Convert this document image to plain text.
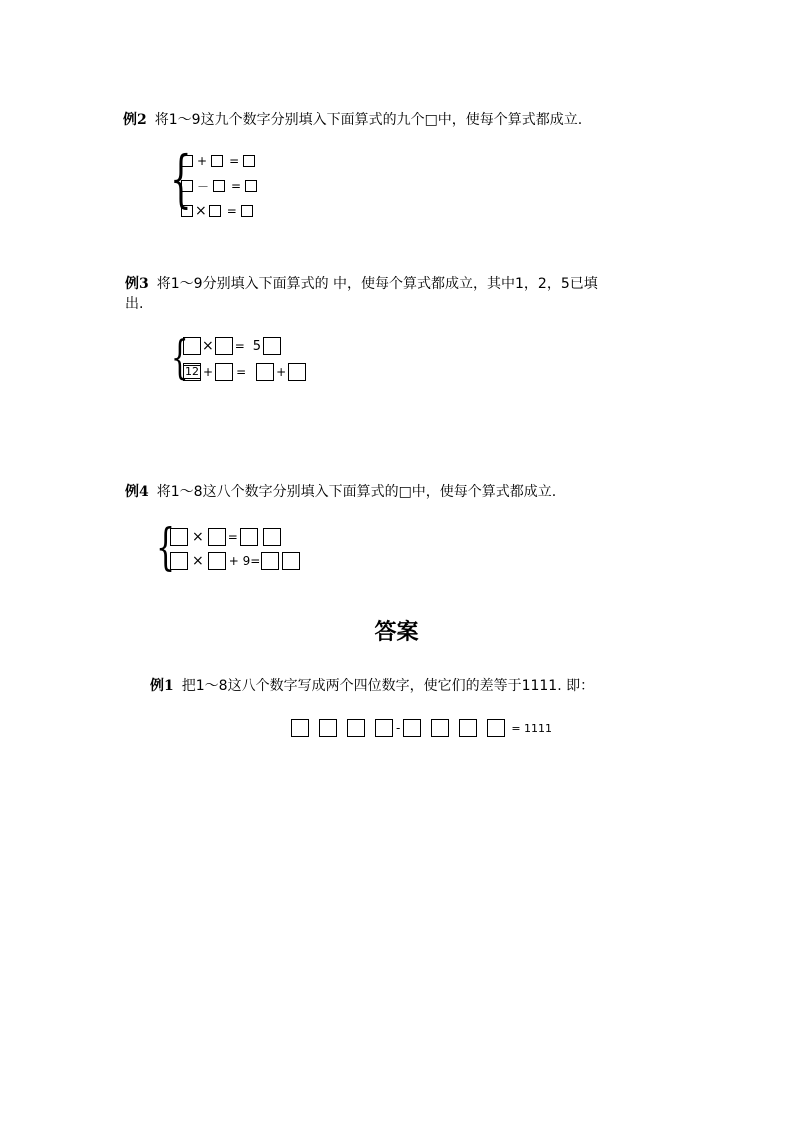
例2 将1～9这九个数字分别填入下面算式的九个□中，使每个算式都成立.
{ + =
－ =
× =
例3 将1～9分别填入下面算式的 中，使每个算式都成立，其中1，2，5已填
出.
{ × = 5
12 + =	+
例4 将1～8这八个数字分别填入下面算式的□中，使每个算式都成立.
{ × =
× + 9=
答案
例1 把1～8这八个数字写成两个四位数字，使它们的差等于1111. 即：
-	= 1111
